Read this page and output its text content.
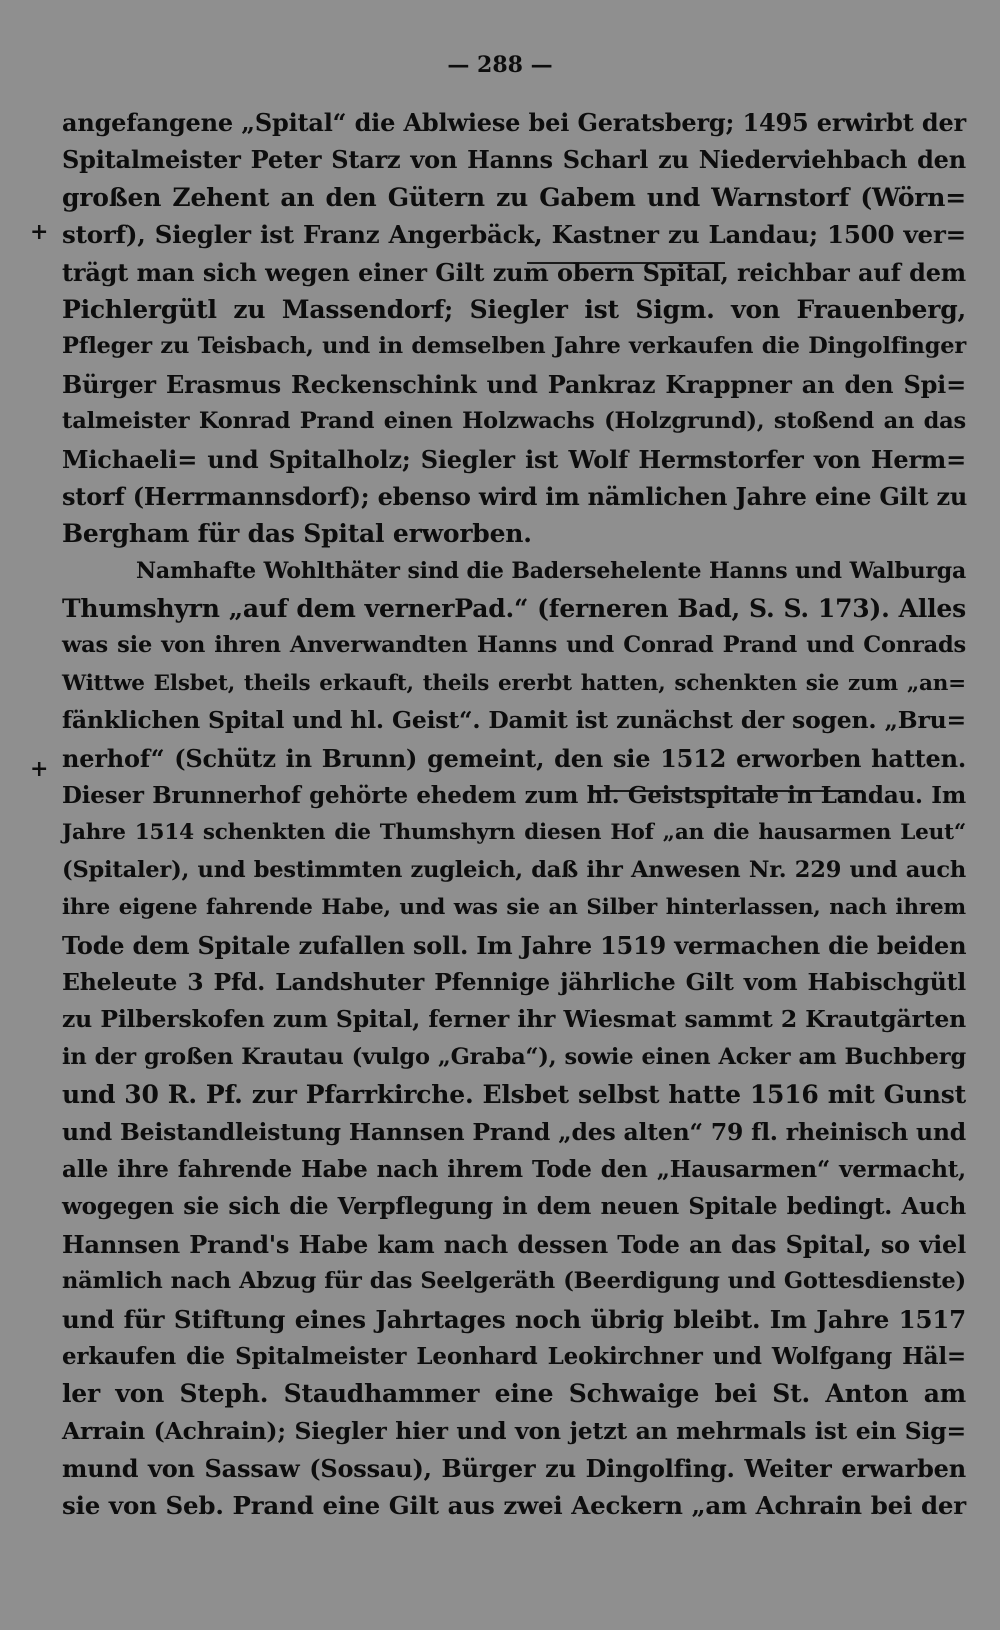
— 288 —
+
+
angefangene „Spital“ die Ablwiese bei Geratsberg; 1495 erwirbt der
Spitalmeister Peter Starz von Hanns Scharl zu Niederviehbach den
großen Zehent an den Gütern zu Gabem und Warnstorf (Wörn=
storf), Siegler ist Franz Angerbäck, Kastner zu Landau; 1500 ver=
trägt man sich wegen einer Gilt zum obern Spital, reichbar auf dem
Pichlergütl zu Massendorf; Siegler ist Sigm. von Frauenberg,
Pfleger zu Teisbach, und in demselben Jahre verkaufen die Dingolfinger
Bürger Erasmus Reckenschink und Pankraz Krappner an den Spi=
talmeister Konrad Prand einen Holzwachs (Holzgrund), stoßend an das
Michaeli= und Spitalholz; Siegler ist Wolf Hermstorfer von Herm=
storf (Herrmannsdorf); ebenso wird im nämlichen Jahre eine Gilt zu
Bergham für das Spital erworben.
Namhafte Wohlthäter sind die Badersehelente Hanns und Walburga
Thumshyrn „auf dem vernerPad.“ (ferneren Bad, S. S. 173). Alles
was sie von ihren Anverwandten Hanns und Conrad Prand und Conrads
Wittwe Elsbet, theils erkauft, theils ererbt hatten, schenkten sie zum „an=
fänklichen Spital und hl. Geist“. Damit ist zunächst der sogen. „Bru=
nerhof“ (Schütz in Brunn) gemeint, den sie 1512 erworben hatten.
Dieser Brunnerhof gehörte ehedem zum hl. Geistspitale in Landau. Im
Jahre 1514 schenkten die Thumshyrn diesen Hof „an die hausarmen Leut“
(Spitaler), und bestimmten zugleich, daß ihr Anwesen Nr. 229 und auch
ihre eigene fahrende Habe, und was sie an Silber hinterlassen, nach ihrem
Tode dem Spitale zufallen soll. Im Jahre 1519 vermachen die beiden
Eheleute 3 Pfd. Landshuter Pfennige jährliche Gilt vom Habischgütl
zu Pilberskofen zum Spital, ferner ihr Wiesmat sammt 2 Krautgärten
in der großen Krautau (vulgo „Graba“), sowie einen Acker am Buchberg
und 30 R. Pf. zur Pfarrkirche. Elsbet selbst hatte 1516 mit Gunst
und Beistandleistung Hannsen Prand „des alten“ 79 fl. rheinisch und
alle ihre fahrende Habe nach ihrem Tode den „Hausarmen“ vermacht,
wogegen sie sich die Verpflegung in dem neuen Spitale bedingt. Auch
Hannsen Prand's Habe kam nach dessen Tode an das Spital, so viel
nämlich nach Abzug für das Seelgeräth (Beerdigung und Gottesdienste)
und für Stiftung eines Jahrtages noch übrig bleibt. Im Jahre 1517
erkaufen die Spitalmeister Leonhard Leokirchner und Wolfgang Häl=
ler von Steph. Staudhammer eine Schwaige bei St. Anton am
Arrain (Achrain); Siegler hier und von jetzt an mehrmals ist ein Sig=
mund von Sassaw (Sossau), Bürger zu Dingolfing. Weiter erwarben
sie von Seb. Prand eine Gilt aus zwei Aeckern „am Achrain bei der
